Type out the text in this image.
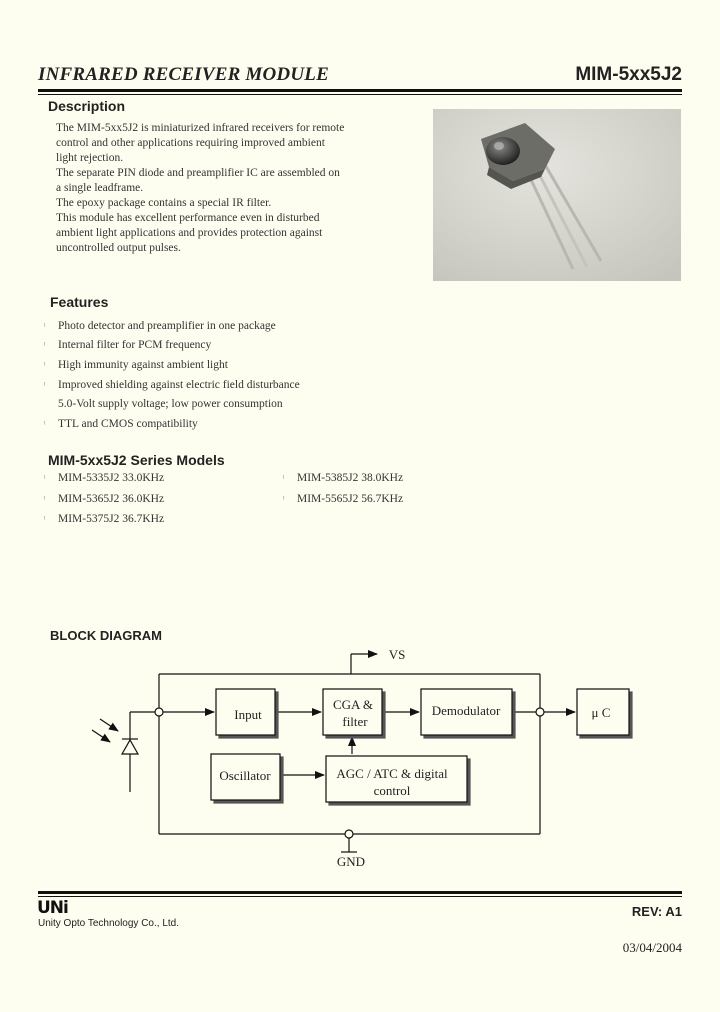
INFRARED RECEIVER MODULE	MIM-5xx5J2
Description

The MIM-5xx5J2 is miniaturized infrared receivers for remote control and other applications requiring improved ambient light rejection.

The separate PIN diode and preamplifier IC are assembled on a single leadframe.

The epoxy package contains a special IR filter.

This module has excellent performance even in disturbed ambient light applications and provides protection against uncontrolled output pulses.

Features
ˡ	Photo detector and preamplifier in one package
ˡ	Internal filter for PCM frequency
ˡ	High immunity against ambient light
ˡ	Improved shielding against electric field disturbance
5.0-Volt supply voltage; low power consumption
ˡ	TTL and CMOS compatibility
MIM-5xx5J2 Series Models
ˡ MIM-5335J2 33.0KHz
ˡ MIM-5365J2 36.0KHz
ˡ MIM-5375J2 36.7KHz
ˡ MIM-5385J2 38.0KHz
ˡ MIM-5565J2 56.7KHz
BLOCK DIAGRAM
Input
CGA &
filter
Demodulator	μ C
Oscillator	AGC / ATC & digital
control
VS
GND
UNi
Unity Opto Technology Co., Ltd.
REV: A1
03/04/2004
